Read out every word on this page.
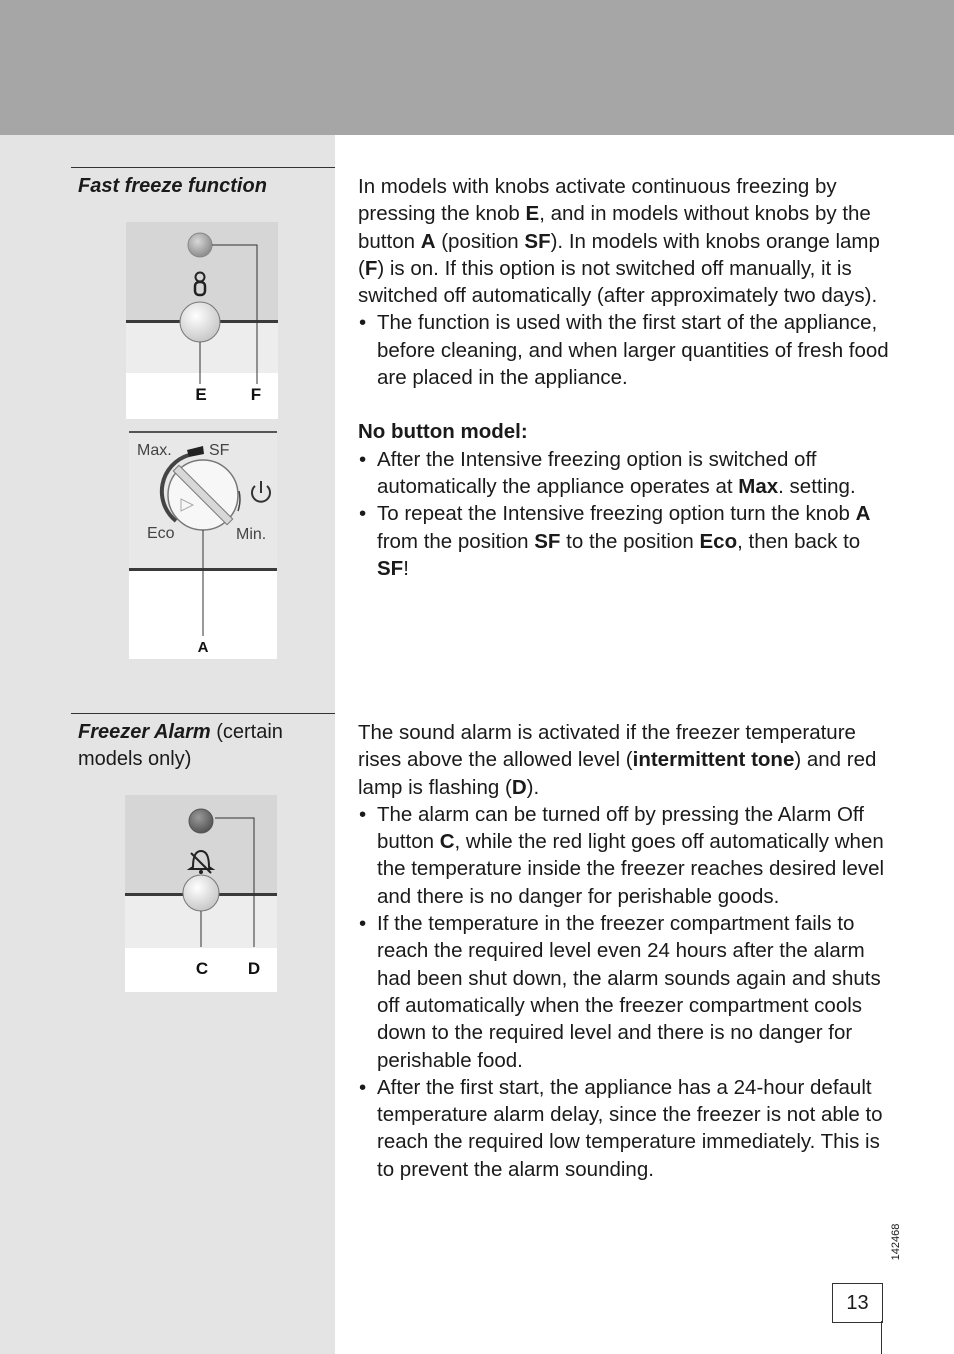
Fast freeze function
E	F
Max. SF
Eco	Min.
A

In models with knobs activate continuous freezing by pressing the knob E, and in models without knobs by the button A (position SF). In models with knobs orange lamp (F) is on. If this option is not switched off manually, it is switched off automatically (after approximately two days).

• The function is used with the first start of the appliance, before cleaning, and when larger quantities of fresh food are placed in the appliance.

No button model:

• After the Intensive freezing option is switched off automatically the appliance operates at Max. setting.
• To repeat the Intensive freezing option turn the knob A from the position SF to the position Eco, then back to SF!
Freezer Alarm (certain models only)
C D

The sound alarm is activated if the freezer temperature rises above the allowed level (intermittent tone) and red lamp is flashing (D).

• The alarm can be turned off by pressing the Alarm Off button C, while the red light goes off automatically when the temperature inside the freezer reaches desired level and there is no danger for perishable goods.
• If the temperature in the freezer compartment fails to reach the required level even 24 hours after the alarm had been shut down, the alarm sounds again and shuts off automatically when the freezer compartment cools down to the required level and there is no danger for perishable food.
• After the first start, the appliance has a 24-hour default temperature alarm delay, since the freezer is not able to reach the required low temperature immediately. This is to prevent the alarm sounding.
142468
13
